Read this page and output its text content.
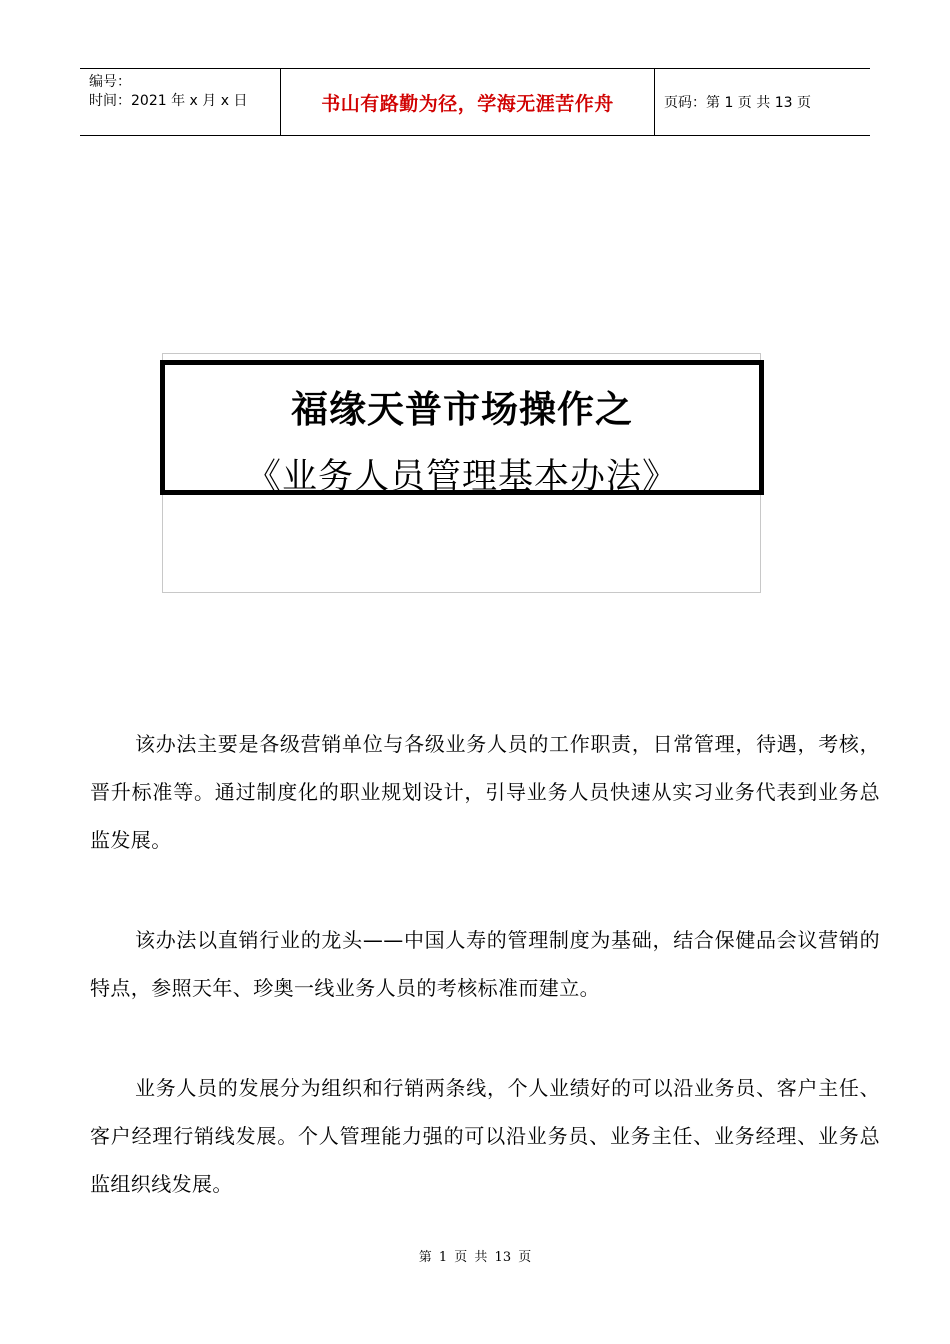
编号：
时间：2021 年 x 月 x 日	书山有路勤为径，学海无涯苦作舟	页码：第 1 页 共 13 页
福缘天普市场操作之
《业务人员管理基本办法》

该办法主要是各级营销单位与各级业务人员的工作职责，日常管理，待遇，考核，晋升标准等。通过制度化的职业规划设计，引导业务人员快速从实习业务代表到业务总监发展。

该办法以直销行业的龙头——中国人寿的管理制度为基础，结合保健品会议营销的特点，参照天年、珍奥一线业务人员的考核标准而建立。

业务人员的发展分为组织和行销两条线，个人业绩好的可以沿业务员、客户主任、客户经理行销线发展。个人管理能力强的可以沿业务员、业务主任、业务经理、业务总监组织线发展。

第 1 页 共 13 页
